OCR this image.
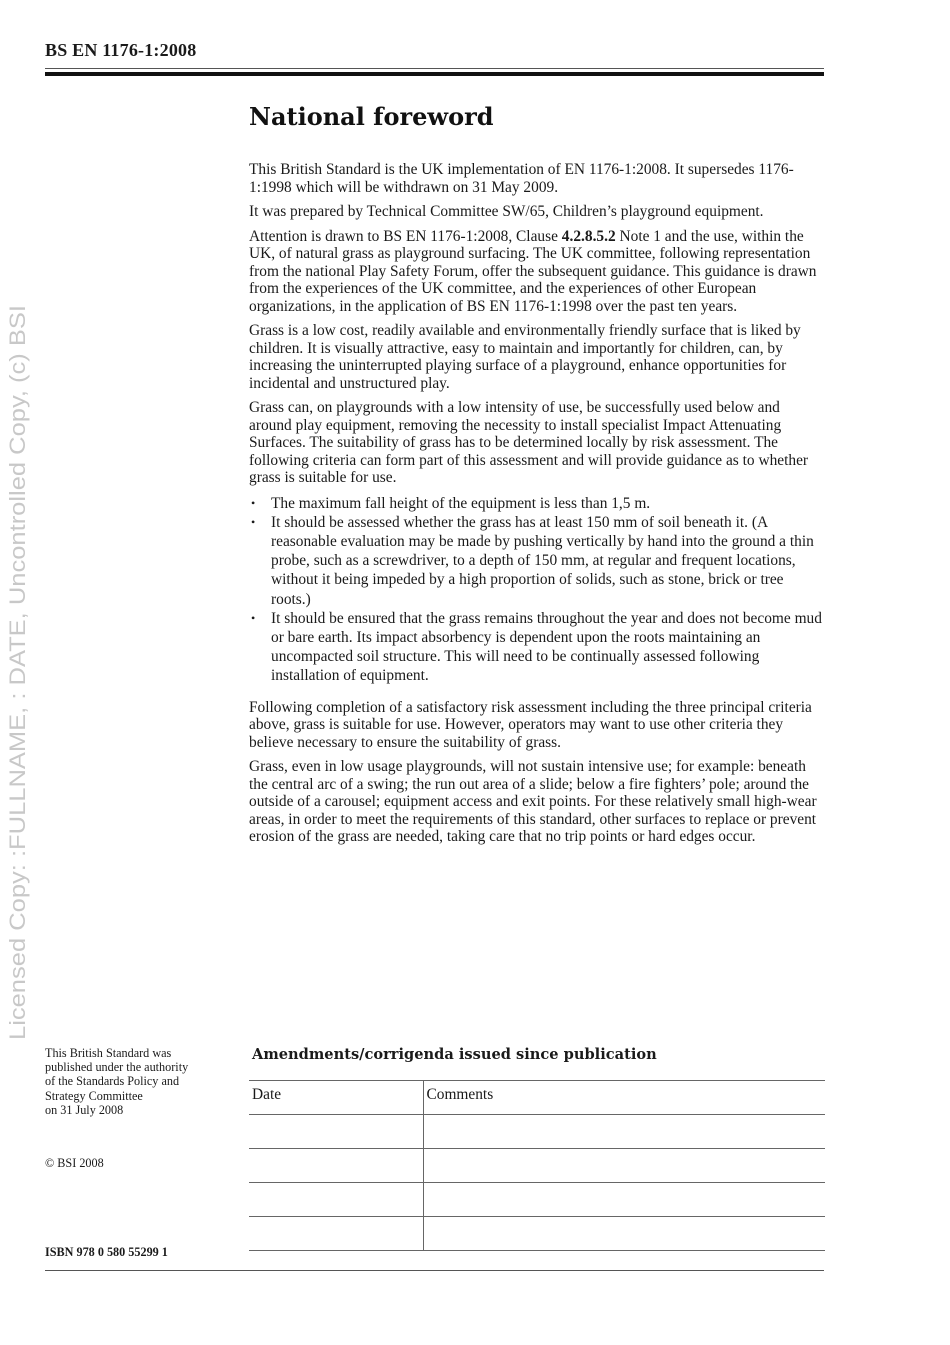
Licensed Copy: :FULLNAME, : DATE, Uncontrolled Copy, (c) BSI
BS EN 1176-1:2008
National foreword

This British Standard is the UK implementation of EN 1176-1:2008. It supersedes 1176-1:1998 which will be withdrawn on 31 May 2009.

It was prepared by Technical Committee SW/65, Children’s playground equipment.

Attention is drawn to BS EN 1176-1:2008, Clause 4.2.8.5.2 Note 1 and the use, within the UK, of natural grass as playground surfacing. The UK committee, following representation from the national Play Safety Forum, offer the subsequent guidance. This guidance is drawn from the experiences of the UK committee, and the experiences of other European organizations, in the application of BS EN 1176-1:1998 over the past ten years.

Grass is a low cost, readily available and environmentally friendly surface that is liked by children. It is visually attractive, easy to maintain and importantly for children, can, by increasing the uninterrupted playing surface of a playground, enhance opportunities for incidental and unstructured play.

Grass can, on playgrounds with a low intensity of use, be successfully used below and around play equipment, removing the necessity to install specialist Impact Attenuating Surfaces. The suitability of grass has to be determined locally by risk assessment. The following criteria can form part of this assessment and will provide guidance as to whether grass is suitable for use.

• The maximum fall height of the equipment is less than 1,5 m.
• It should be assessed whether the grass has at least 150 mm of soil beneath it. (A reasonable evaluation may be made by pushing vertically by hand into the ground a thin probe, such as a screwdriver, to a depth of 150 mm, at regular and frequent locations, without it being impeded by a high proportion of solids, such as stone, brick or tree roots.)
• It should be ensured that the grass remains throughout the year and does not become mud or bare earth. Its impact absorbency is dependent upon the roots maintaining an uncompacted soil structure. This will need to be continually assessed following installation of equipment.

Following completion of a satisfactory risk assessment including the three principal criteria above, grass is suitable for use. However, operators may want to use other criteria they believe necessary to ensure the suitability of grass.

Grass, even in low usage playgrounds, will not sustain intensive use; for example: beneath the central arc of a swing; the run out area of a slide; below a fire fighters’ pole; around the outside of a carousel; equipment access and exit points. For these relatively small high-wear areas, in order to meet the requirements of this standard, other surfaces to replace or prevent erosion of the grass are needed, taking care that no trip points or hard edges occur.

This British Standard was
published under the authority
of the Standards Policy and
Strategy Committee
on 31 July 2008
© BSI 2008
ISBN 978 0 580 55299 1
Amendments/corrigenda issued since publication
Date	Comments
